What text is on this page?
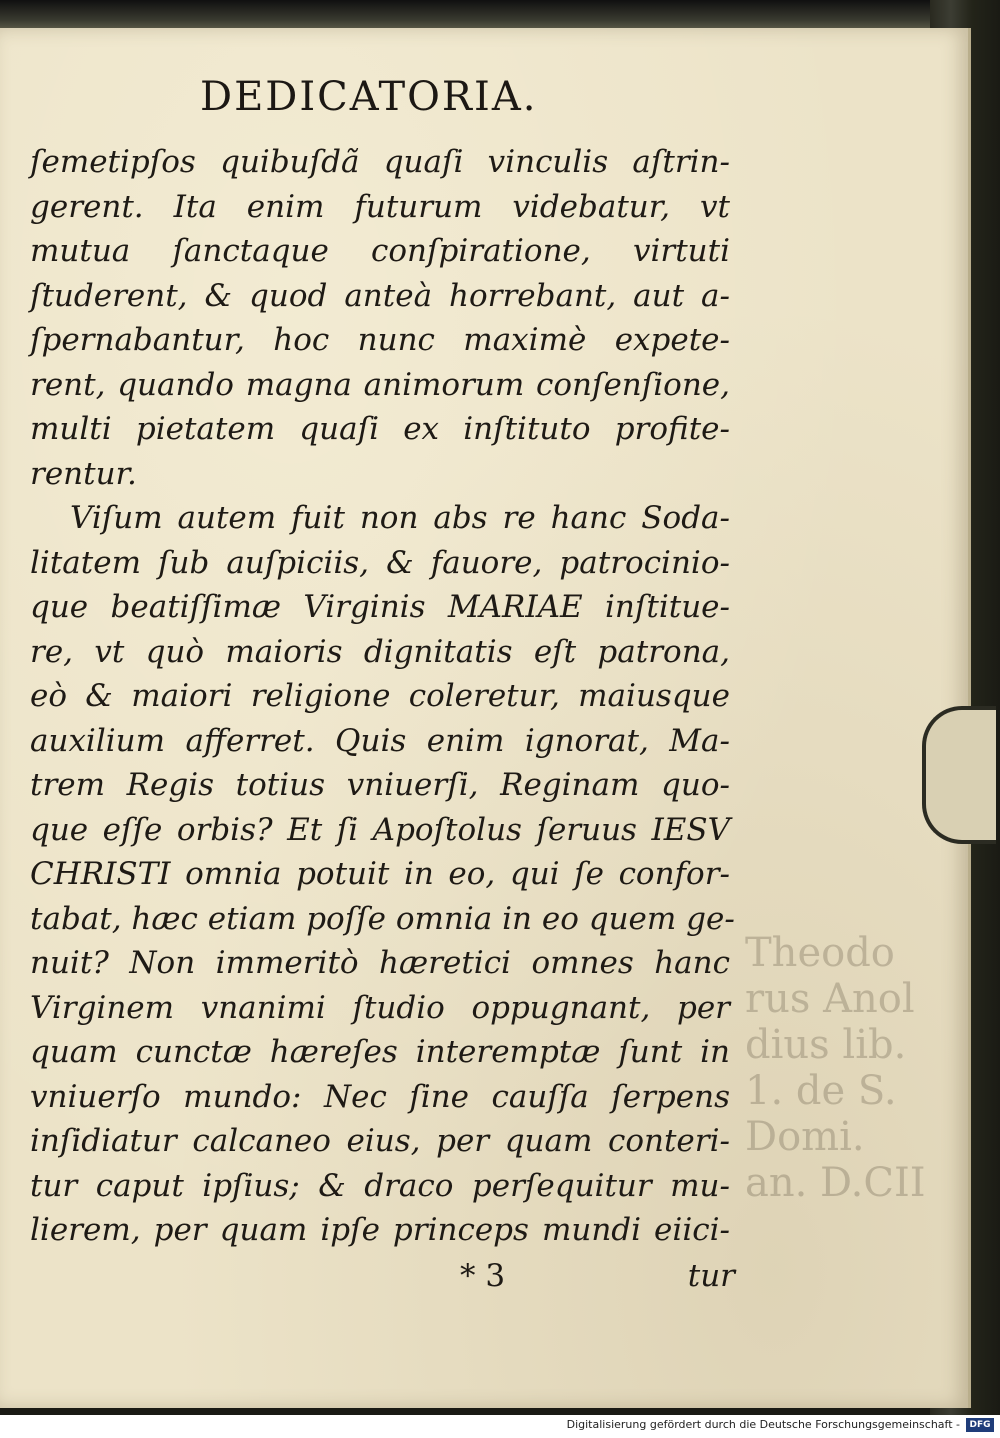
Theodo
rus Anol
dius lib.
1. de S.
Domi.
an. D.CII
DEDICATORIA.
ſemetipſos quibuſdã quaſi vinculis aſtrin-
gerent. Ita enim futurum videbatur, vt
mutua ſanctaque conſpiratione, virtuti
ſtuderent, & quod anteà horrebant, aut a-
ſpernabantur, hoc nunc maximè expete-
rent, quando magna animorum conſenſione,
multi pietatem quaſi ex inſtituto profite-
rentur.
Viſum autem fuit non abs re hanc Soda-
litatem ſub auſpiciis, & fauore, patrocinio-
que beatiſſimæ Virginis MARIAE inſtitue-
re, vt quò maioris dignitatis eſt patrona,
eò & maiori religione coleretur, maiusque
auxilium afferret. Quis enim ignorat, Ma-
trem Regis totius vniuerſi, Reginam quo-
que eſſe orbis? Et ſi Apoſtolus ſeruus IESV
CHRISTI omnia potuit in eo, qui ſe confor-
tabat, hæc etiam poſſe omnia in eo quem ge-
nuit? Non immeritò hæretici omnes hanc
Virginem vnanimi ſtudio oppugnant, per
quam cunctæ hæreſes interemptæ ſunt in
vniuerſo mundo: Nec ſine cauſſa ſerpens
inſidiatur calcaneo eius, per quam conteri-
tur caput ipſius; & draco perſequitur mu-
lierem, per quam ipſe princeps mundi eiici-
* 3	tur
Digitalisierung gefördert durch die Deutsche Forschungsgemeinschaft -	DFG
